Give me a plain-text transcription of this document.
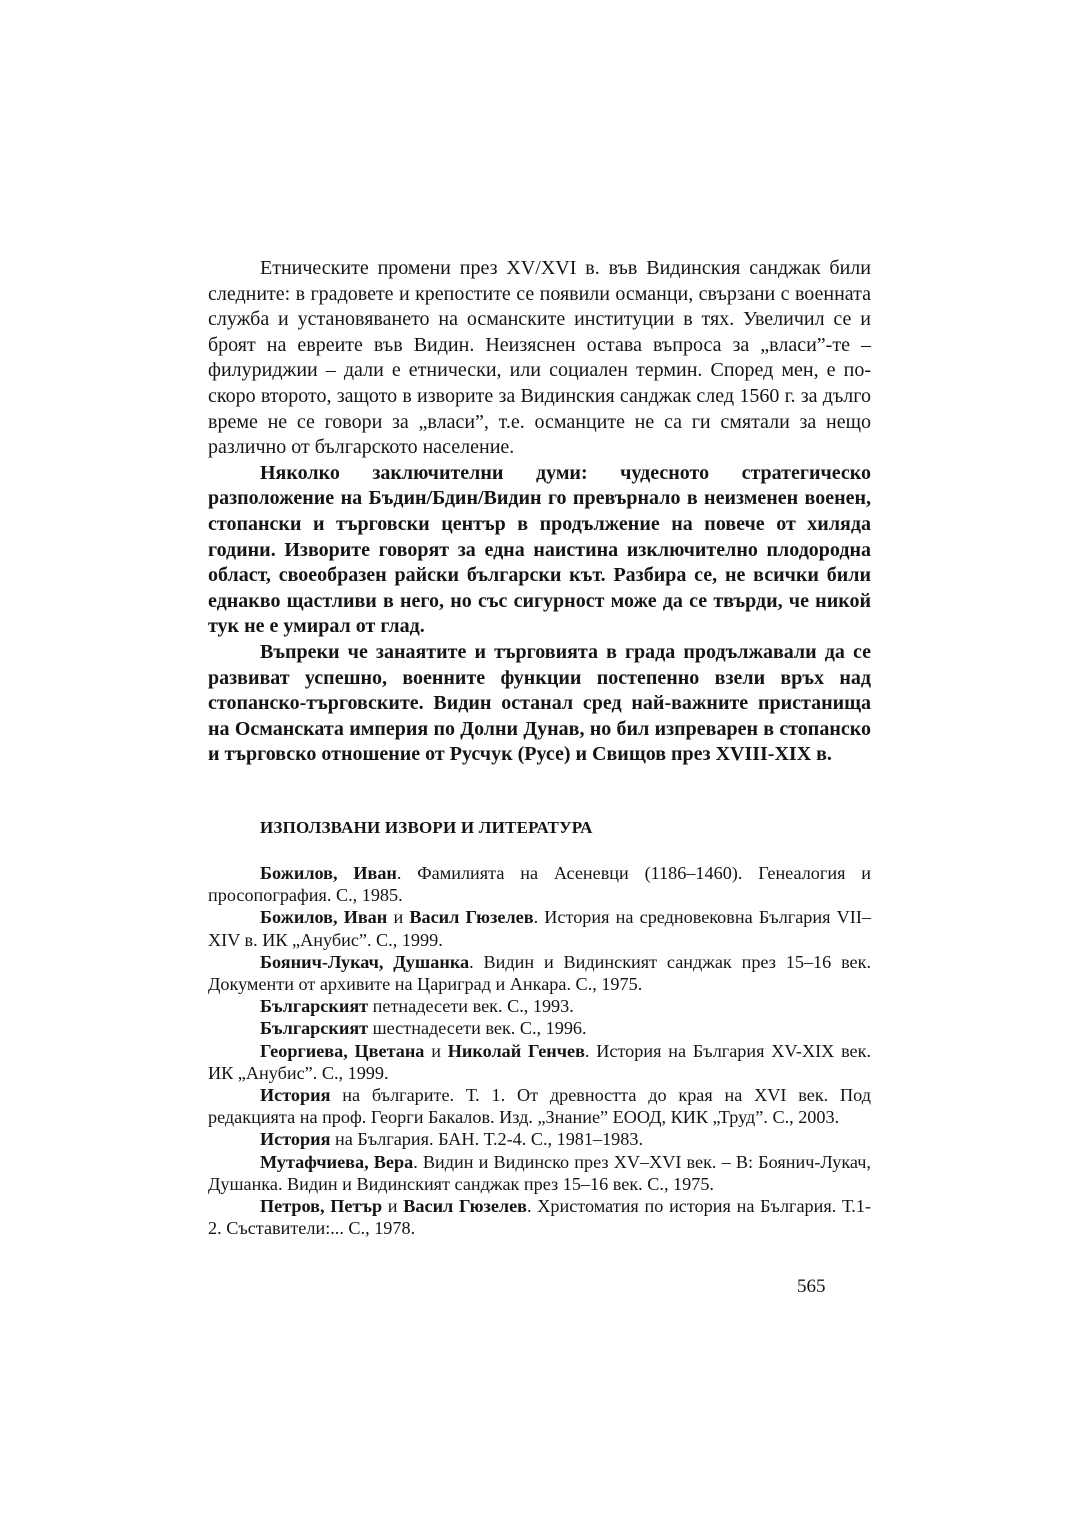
Етническите промени през XV/XVI в. във Видинския санджак били следните: в градовете и крепостите се появили османци, свързани с военната служба и установяването на османските институции в тях. Увеличил се и броят на евреите във Видин. Неизяснен остава въпроса за „власи”-те – филуриджии – дали е етнически, или социален термин. Според мен, е по-скоро второто, защото в изворите за Видинския санджак след 1560 г. за дълго време не се говори за „власи”, т.е. османците не са ги смятали за нещо различно от българското население.

Няколко заключителни думи: чудесното стратегическо разположение на Бъдин/Бдин/Видин го превърнало в неизменен военен, стопански и търговски център в продължение на повече от хиляда години. Изворите говорят за една наистина изключително плодородна област, своеобразен райски български кът. Разбира се, не всички били еднакво щастливи в него, но със сигурност може да се твърди, че никой тук не е умирал от глад.

Въпреки че занаятите и търговията в града продължавали да се развиват успешно, военните функции постепенно взели връх над стопанско-търговските. Видин останал сред най-важните пристанища на Османската империя по Долни Дунав, но бил изпреварен в стопанско и търговско отношение от Русчук (Русе) и Свищов през XVIII-XIX в.

ИЗПОЛЗВАНИ ИЗВОРИ И ЛИТЕРАТУРА

Божилов, Иван. Фамилията на Асеневци (1186–1460). Генеалогия и просопография. С., 1985.

Божилов, Иван и Васил Гюзелев. История на средновековна България VII–XIV в. ИК „Анубис”. С., 1999.

Боянич-Лукач, Душанка. Видин и Видинският санджак през 15–16 век. Документи от архивите на Цариград и Анкара. С., 1975.

Българският петнадесети век. С., 1993.

Българският шестнадесети век. С., 1996.

Георгиева, Цветана и Николай Генчев. История на България XV-XIX век. ИК „Анубис”. С., 1999.

История на българите. Т. 1. От древността до края на XVI век. Под редакцията на проф. Георги Бакалов. Изд. „Знание” ЕООД, КИК „Труд”. С., 2003.

История на България. БАН. Т.2-4. С., 1981–1983.

Мутафчиева, Вера. Видин и Видинско през XV–XVI век. – В: Боянич-Лукач, Душанка. Видин и Видинският санджак през 15–16 век. С., 1975.

Петров, Петър и Васил Гюзелев. Христоматия по история на България. Т.1-2. Съставители:... С., 1978.

565
